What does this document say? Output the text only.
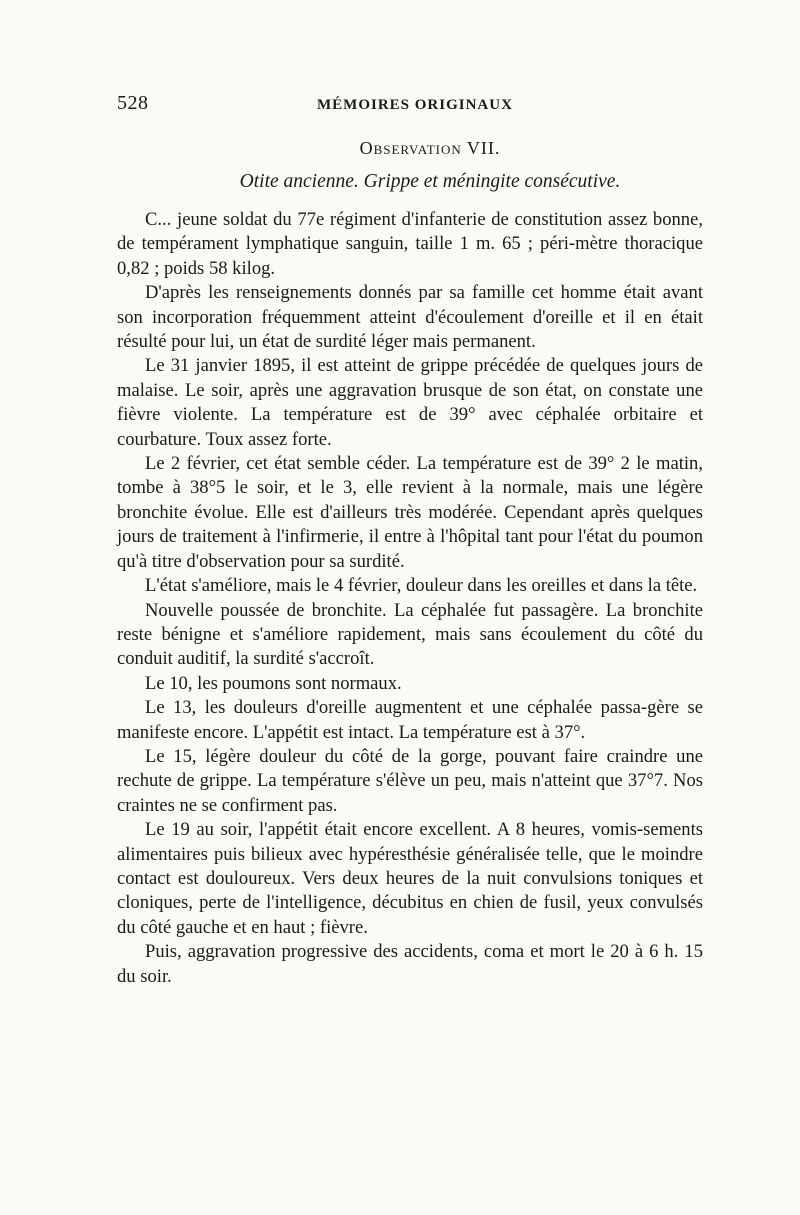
528	MÉMOIRES ORIGINAUX
Observation VII.
Otite ancienne. Grippe et méningite consécutive.

C... jeune soldat du 77e régiment d'infanterie de constitution assez bonne, de tempérament lymphatique sanguin, taille 1 m. 65 ; péri-mètre thoracique 0,82 ; poids 58 kilog.

D'après les renseignements donnés par sa famille cet homme était avant son incorporation fréquemment atteint d'écoulement d'oreille et il en était résulté pour lui, un état de surdité léger mais permanent.

Le 31 janvier 1895, il est atteint de grippe précédée de quelques jours de malaise. Le soir, après une aggravation brusque de son état, on constate une fièvre violente. La température est de 39° avec céphalée orbitaire et courbature. Toux assez forte.

Le 2 février, cet état semble céder. La température est de 39° 2 le matin, tombe à 38°5 le soir, et le 3, elle revient à la normale, mais une légère bronchite évolue. Elle est d'ailleurs très modérée. Cependant après quelques jours de traitement à l'infirmerie, il entre à l'hôpital tant pour l'état du poumon qu'à titre d'observation pour sa surdité.

L'état s'améliore, mais le 4 février, douleur dans les oreilles et dans la tête.

Nouvelle poussée de bronchite. La céphalée fut passagère. La bronchite reste bénigne et s'améliore rapidement, mais sans écoulement du côté du conduit auditif, la surdité s'accroît.

Le 10, les poumons sont normaux.

Le 13, les douleurs d'oreille augmentent et une céphalée passa-gère se manifeste encore. L'appétit est intact. La température est à 37°.

Le 15, légère douleur du côté de la gorge, pouvant faire craindre une rechute de grippe. La température s'élève un peu, mais n'atteint que 37°7. Nos craintes ne se confirment pas.

Le 19 au soir, l'appétit était encore excellent. A 8 heures, vomis-sements alimentaires puis bilieux avec hypéresthésie généralisée telle, que le moindre contact est douloureux. Vers deux heures de la nuit convulsions toniques et cloniques, perte de l'intelligence, décubitus en chien de fusil, yeux convulsés du côté gauche et en haut ; fièvre.

Puis, aggravation progressive des accidents, coma et mort le 20 à 6 h. 15 du soir.
